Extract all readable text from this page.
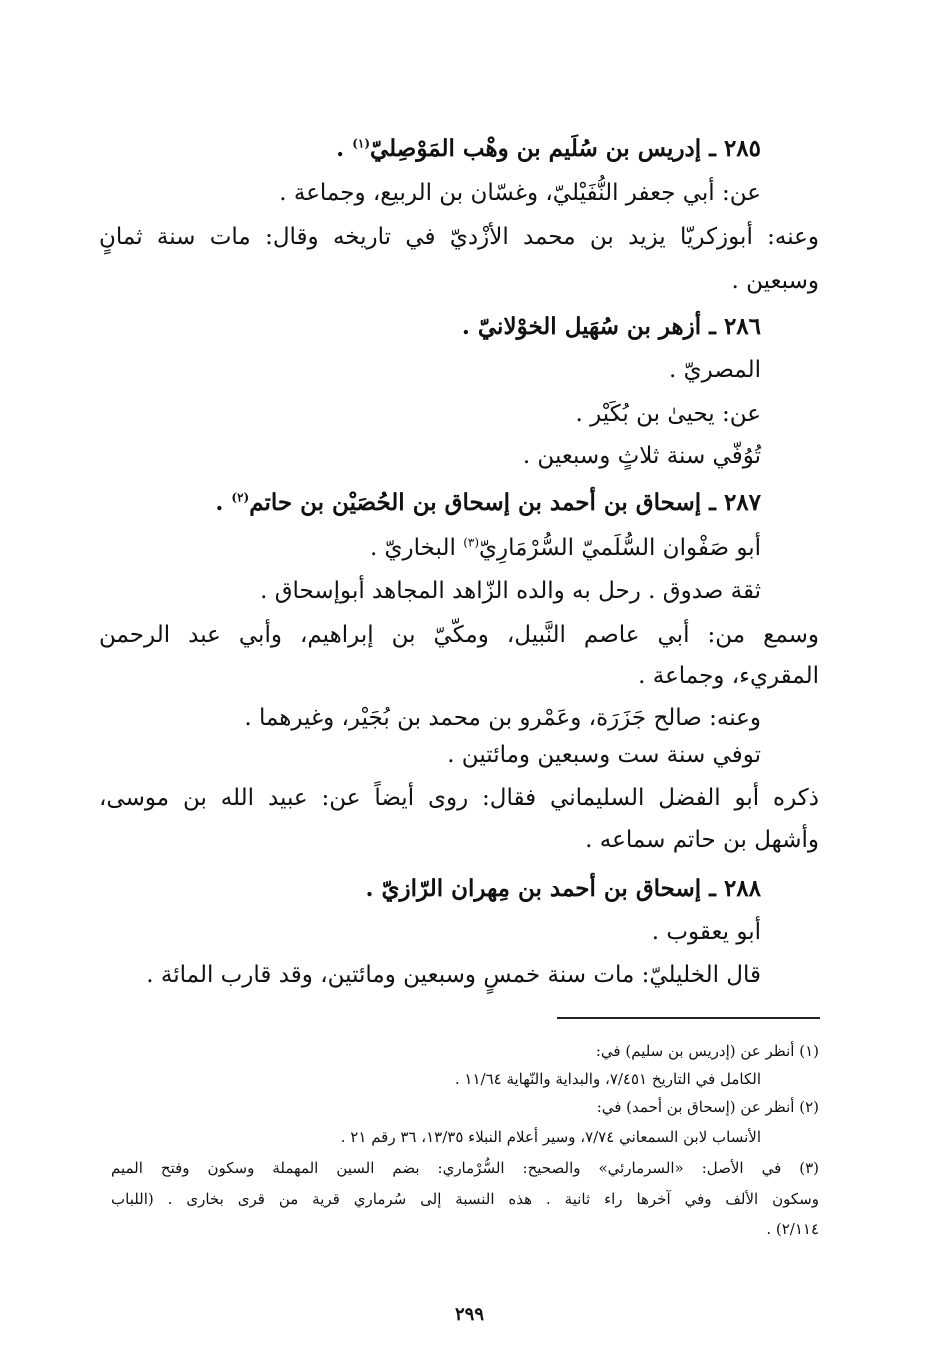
٢٨٥ ـ إدريس بن سُلَيم بن وهْب المَوْصِليّ$^{(١)}$ .
عن: أبي جعفر النُّفَيْليّ، وغسّان بن الربيع، وجماعة .
وعنه: أبوزكريّا يزيد بن محمد الأزْديّ في تاريخه وقال: مات سنة ثمانٍ
وسبعين .
٢٨٦ ـ أزهر بن سُهَيل الخوْلانيّ .
المصريّ .
عن: يحيىٰ بن بُكَيْر .
تُوُفّي سنة ثلاثٍ وسبعين .
٢٨٧ ـ إسحاق بن أحمد بن إسحاق بن الحُصَيْن بن حاتم$^{(٢)}$ .
أبو صَفْوان السُّلَميّ السُّرْمَارِيّ$^{(٣)}$ البخاريّ .
ثقة صدوق . رحل به والده الزّاهد المجاهد أبوإسحاق .
وسمع من: أبي عاصم النَّبيل، ومكّيّ بن إبراهيم، وأبي عبد الرحمن
المقريء، وجماعة .
وعنه: صالح جَزَرَة، وعَمْرو بن محمد بن بُجَيْر، وغيرهما .
توفي سنة ست وسبعين ومائتين .
ذكره أبو الفضل السليماني فقال: روى أيضاً عن: عبيد الله بن موسى،
وأشهل بن حاتم سماعه .
٢٨٨ ـ إسحاق بن أحمد بن مِهران الرّازيّ .
أبو يعقوب .
قال الخليليّ: مات سنة خمسٍ وسبعين ومائتين، وقد قارب المائة .
(١) أنظر عن (إدريس بن سليم) في:
الكامل في التاريخ ٧/٤٥١، والبداية والنّهاية ١١/٦٤ .
(٢) أنظر عن (إسحاق بن أحمد) في:
الأنساب لابن السمعاني ٧/٧٤، وسير أعلام النبلاء ١٣/٣٥، ٣٦ رقم ٢١ .
(٣) في الأصل: «السرمارئي» والصحيح: السُّرْماري: بضم السين المهملة وسكون وفتح الميم
وسكون الألف وفي آخرها راء ثانية . هذه النسبة إلى سُرماري قرية من قرى بخارى . (اللباب
٢/١١٤) .
٢٩٩
